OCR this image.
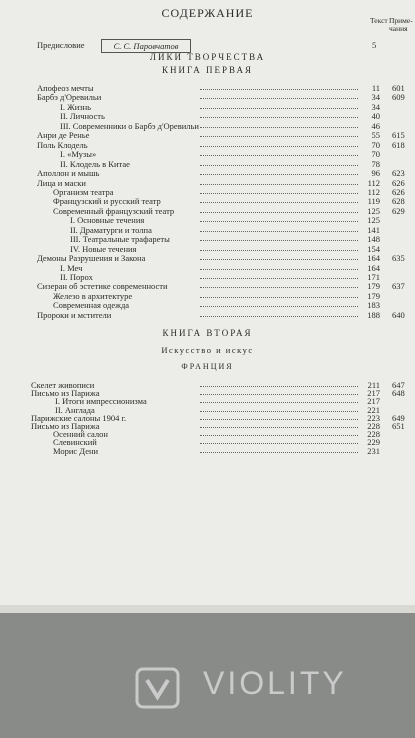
СОДЕРЖАНИЕ
Текст Приме- чания
Предисловие	С. С. Паровчатов	5
ЛИКИ ТВОРЧЕСТВА
КНИГА ПЕРВАЯ
Апофеоз мечты	11 601
Барбэ д'Оревильи	34 609
I. Жизнь	34
II. Личность	40
III. Современники о Барбэ д'Оревильи	46
Анри де Ренье	55 615
Поль Клодель	70 618
I. «Музы»	70
II. Клодель в Китае	78
Аполлон и мышь	96 623
Лица и маски	112 626
Организм театра	112 626
Французский и русский театр	119 628
Современный французский театр	125 629
I. Основные течения	125
II. Драматурги и толпа	141
III. Театральные трафареты	148
IV. Новые течения	154
Демоны Разрушения и Закона	164 635
I. Меч	164
II. Порох	171
Сизеран об эстетике современности	179 637
Железо в архитектуре	179
Современная одежда	183
Пророки и мстители	188 640
КНИГА ВТОРАЯ
Искусство и искус
ФРАНЦИЯ
Скелет живописи	211 647
Письмо из Парижа	217 648
I. Итоги импрессионизма	217
II. Англада	221
Парижские салоны 1904 г.	223 649
Письмо из Парижа	228 651
Осенний салон	228
Слевинский	229
Морис Дени	231
VIOLITY
